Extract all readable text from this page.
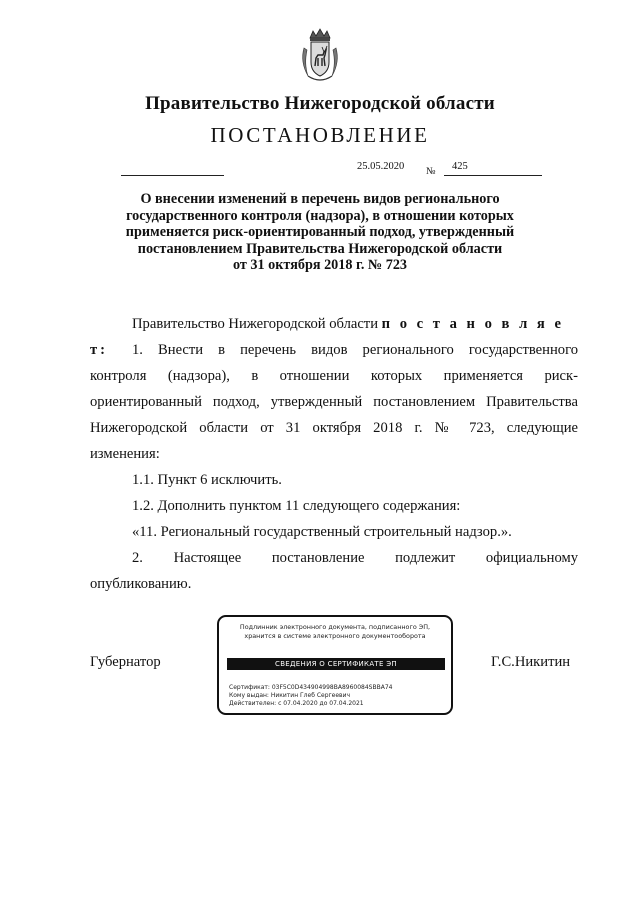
Правительство Нижегородской области
ПОСТАНОВЛЕНИЕ
25.05.2020 № 425
О внесении изменений в перечень видов регионального
государственного контроля (надзора), в отношении которых
применяется риск-ориентированный подход, утвержденный
постановлением Правительства Нижегородской области
от 31 октября 2018 г. № 723
Правительство Нижегородской области п о с т а н о в л я е т:	1. Внести в перечень видов регионального государственного
контроля (надзора), в отношении которых применяется риск-
ориентированный подход, утвержденный постановлением Правительства
Нижегородской области от 31 октября 2018 г. № 723, следующие
изменения:
1.1. Пункт 6 исключить.
1.2. Дополнить пунктом 11 следующего содержания:
«11. Региональный государственный строительный надзор.».
2. Настоящее постановление подлежит официальному
опубликованию.
Губернатор	Г.С.Никитин
Подлинник электронного документа, подписанного ЭП,
хранится в системе электронного документооборота
СВЕДЕНИЯ О СЕРТИФИКАТЕ ЭП
Сертификат: 03F5C0D434904998BA8960084SBBA74
Кому выдан: Никитин Глеб Сергеевич
Действителен: с 07.04.2020 до 07.04.2021
